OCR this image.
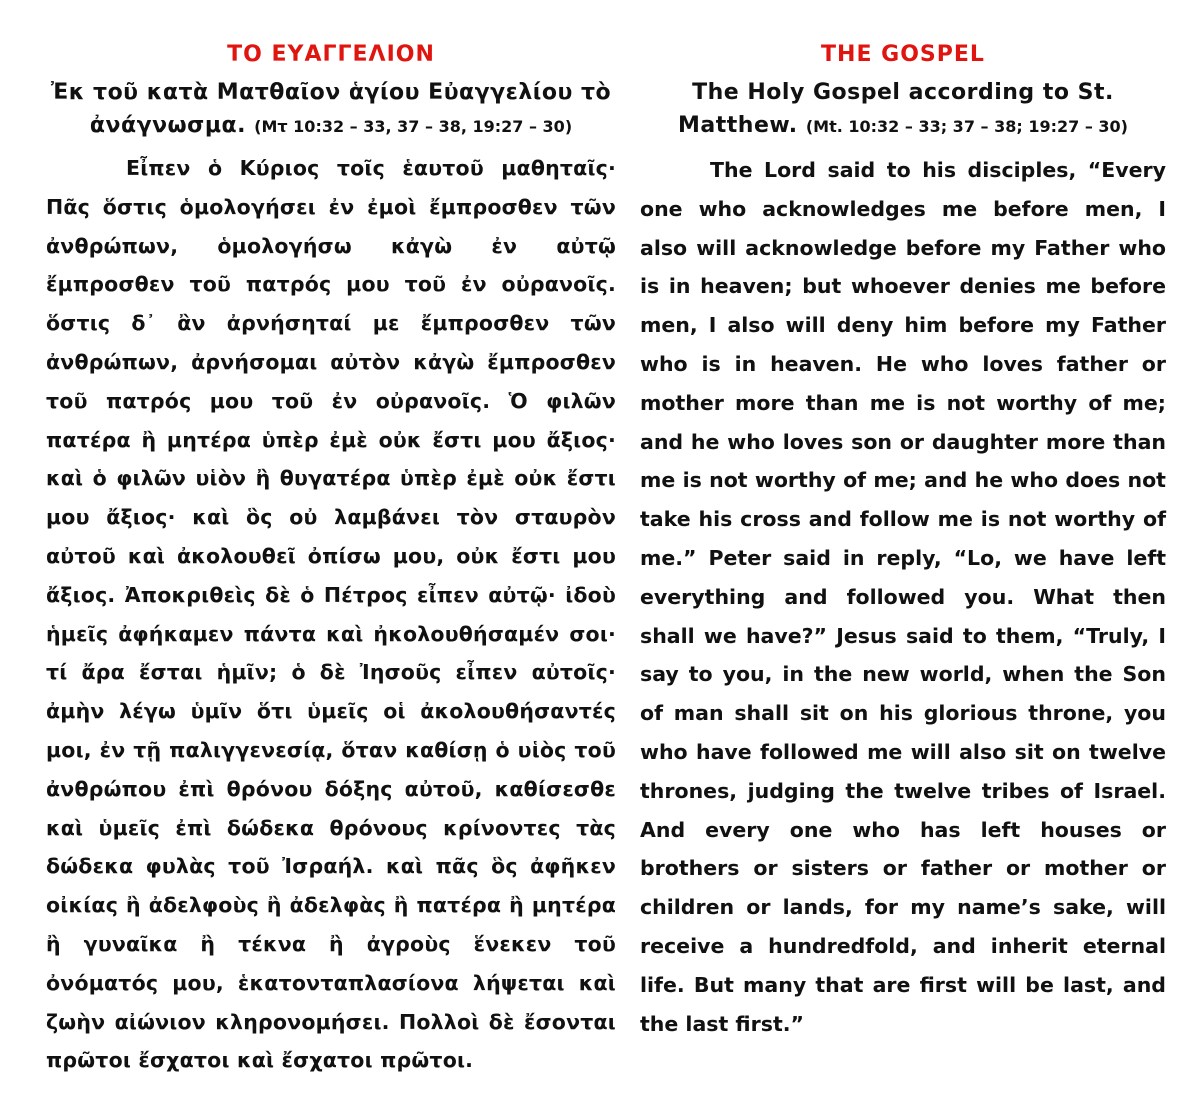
ΤΟ ΕΥΑΓΓΕΛΙΟΝ
Ἐκ τοῦ κατὰ Ματθαῖον ἁγίου Εὐαγγελίου τὸ ἀνάγνωσμα. (Μτ 10:32 – 33, 37 – 38, 19:27 – 30)

Εἶπεν ὁ Κύριος τοῖς ἑαυτοῦ μαθηταῖς· Πᾶς ὅστις ὁμολογήσει ἐν ἐμοὶ ἔμπροσθεν τῶν ἀνθρώπων, ὁμολογήσω κἀγὼ ἐν αὐτῷ ἔμπροσθεν τοῦ πατρός μου τοῦ ἐν οὐρανοῖς. ὅστις δ᾿ ἂν ἀρνήσηταί με ἔμπροσθεν τῶν ἀνθρώπων, ἀρνήσομαι αὐτὸν κἀγὼ ἔμπροσθεν τοῦ πατρός μου τοῦ ἐν οὐρανοῖς. Ὁ φιλῶν πατέρα ἢ μητέρα ὑπὲρ ἐμὲ οὐκ ἔστι μου ἄξιος· καὶ ὁ φιλῶν υἱὸν ἢ θυγατέρα ὑπὲρ ἐμὲ οὐκ ἔστι μου ἄξιος· καὶ ὃς οὐ λαμβάνει τὸν σταυρὸν αὐτοῦ καὶ ἀκολουθεῖ ὀπίσω μου, οὐκ ἔστι μου ἄξιος. Ἀποκριθεὶς δὲ ὁ Πέτρος εἶπεν αὐτῷ· ἰδοὺ ἡμεῖς ἀφήκαμεν πάντα καὶ ἠκολουθήσαμέν σοι· τί ἄρα ἔσται ἡμῖν; ὁ δὲ Ἰησοῦς εἶπεν αὐτοῖς· ἀμὴν λέγω ὑμῖν ὅτι ὑμεῖς οἱ ἀκολουθήσαντές μοι, ἐν τῇ παλιγγενεσίᾳ, ὅταν καθίσῃ ὁ υἱὸς τοῦ ἀνθρώπου ἐπὶ θρόνου δόξης αὐτοῦ, καθίσεσθε καὶ ὑμεῖς ἐπὶ δώδεκα θρόνους κρίνοντες τὰς δώδεκα φυλὰς τοῦ Ἰσραήλ. καὶ πᾶς ὃς ἀφῆκεν οἰκίας ἢ ἀδελφοὺς ἢ ἀδελφὰς ἢ πατέρα ἢ μητέρα ἢ γυναῖκα ἢ τέκνα ἢ ἀγροὺς ἕνεκεν τοῦ ὀνόματός μου, ἑκατονταπλασίονα λήψεται καὶ ζωὴν αἰώνιον κληρονομήσει. Πολλοὶ δὲ ἔσονται πρῶτοι ἔσχατοι καὶ ἔσχατοι πρῶτοι.

THE GOSPEL
The Holy Gospel according to St. Matthew. (Mt. 10:32 – 33; 37 – 38; 19:27 – 30)

The Lord said to his disciples, “Every one who acknowledges me before men, I also will acknowledge before my Father who is in heaven; but whoever denies me before men, I also will deny him before my Father who is in heaven. He who loves father or mother more than me is not worthy of me; and he who loves son or daughter more than me is not worthy of me; and he who does not take his cross and follow me is not worthy of me.” Peter said in reply, “Lo, we have left everything and followed you. What then shall we have?” Jesus said to them, “Truly, I say to you, in the new world, when the Son of man shall sit on his glorious throne, you who have followed me will also sit on twelve thrones, judging the twelve tribes of Israel. And every one who has left houses or brothers or sisters or father or mother or children or lands, for my name’s sake, will receive a hundredfold, and inherit eternal life. But many that are first will be last, and the last first.”
